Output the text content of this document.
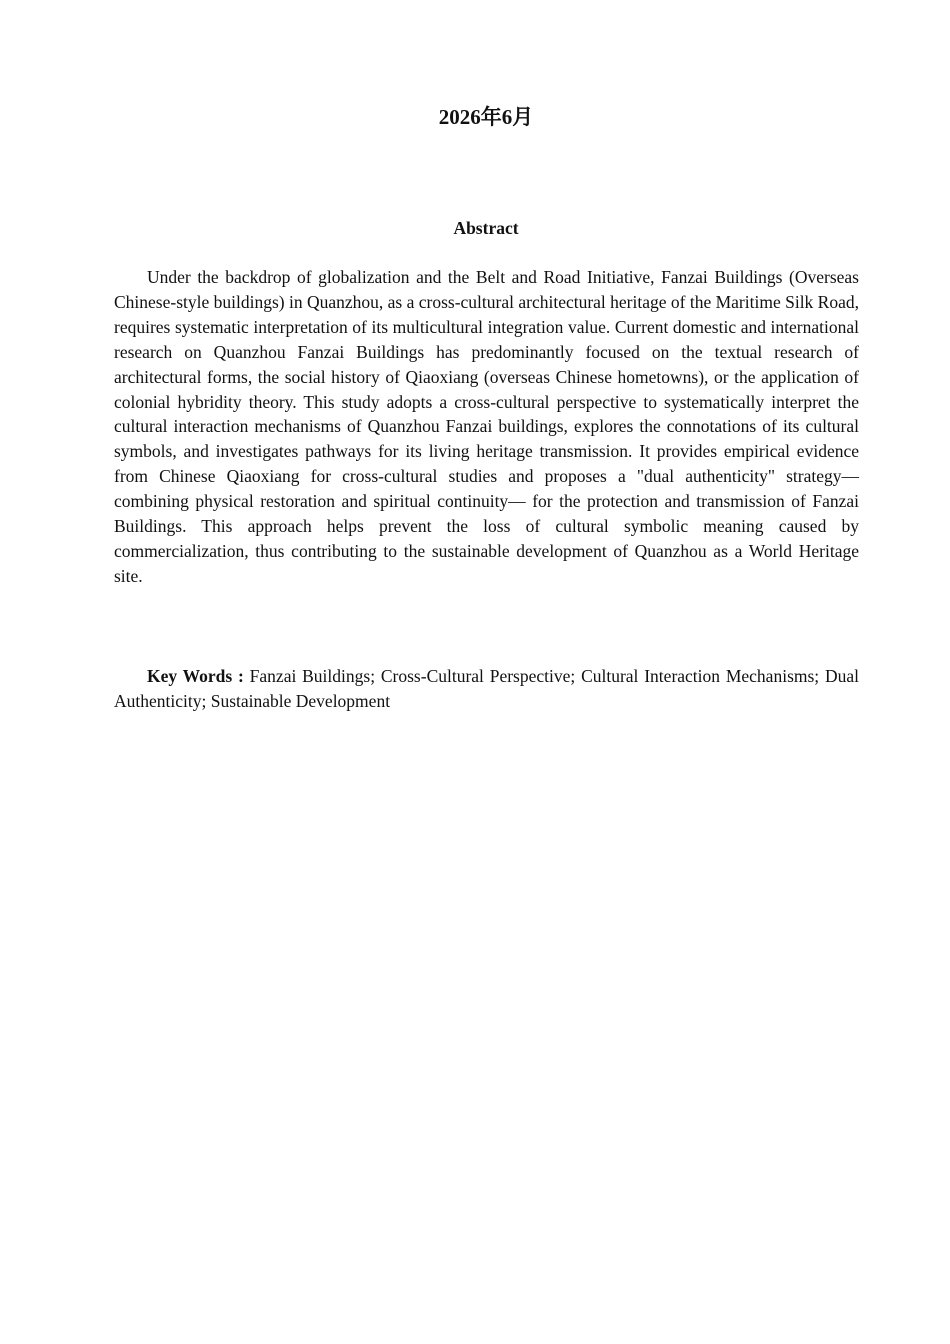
2026年6月
Abstract

Under the backdrop of globalization and the Belt and Road Initiative, Fanzai Buildings (Overseas Chinese-style buildings) in Quanzhou, as a cross-cultural architectural heritage of the Maritime Silk Road, requires systematic interpretation of its multicultural integration value. Current domestic and international research on Quanzhou Fanzai Buildings has predominantly focused on the textual research of architectural forms, the social history of Qiaoxiang (overseas Chinese hometowns), or the application of colonial hybridity theory. This study adopts a cross-cultural perspective to systematically interpret the cultural interaction mechanisms of Quanzhou Fanzai buildings, explores the connotations of its cultural symbols, and investigates pathways for its living heritage transmission. It provides empirical evidence from Chinese Qiaoxiang for cross-cultural studies and proposes a "dual authenticity" strategy—combining physical restoration and spiritual continuity— for the protection and transmission of Fanzai Buildings. This approach helps prevent the loss of cultural symbolic meaning caused by commercialization, thus contributing to the sustainable development of Quanzhou as a World Heritage site.

Key Words : Fanzai Buildings; Cross-Cultural Perspective; Cultural Interaction Mechanisms; Dual Authenticity; Sustainable Development
